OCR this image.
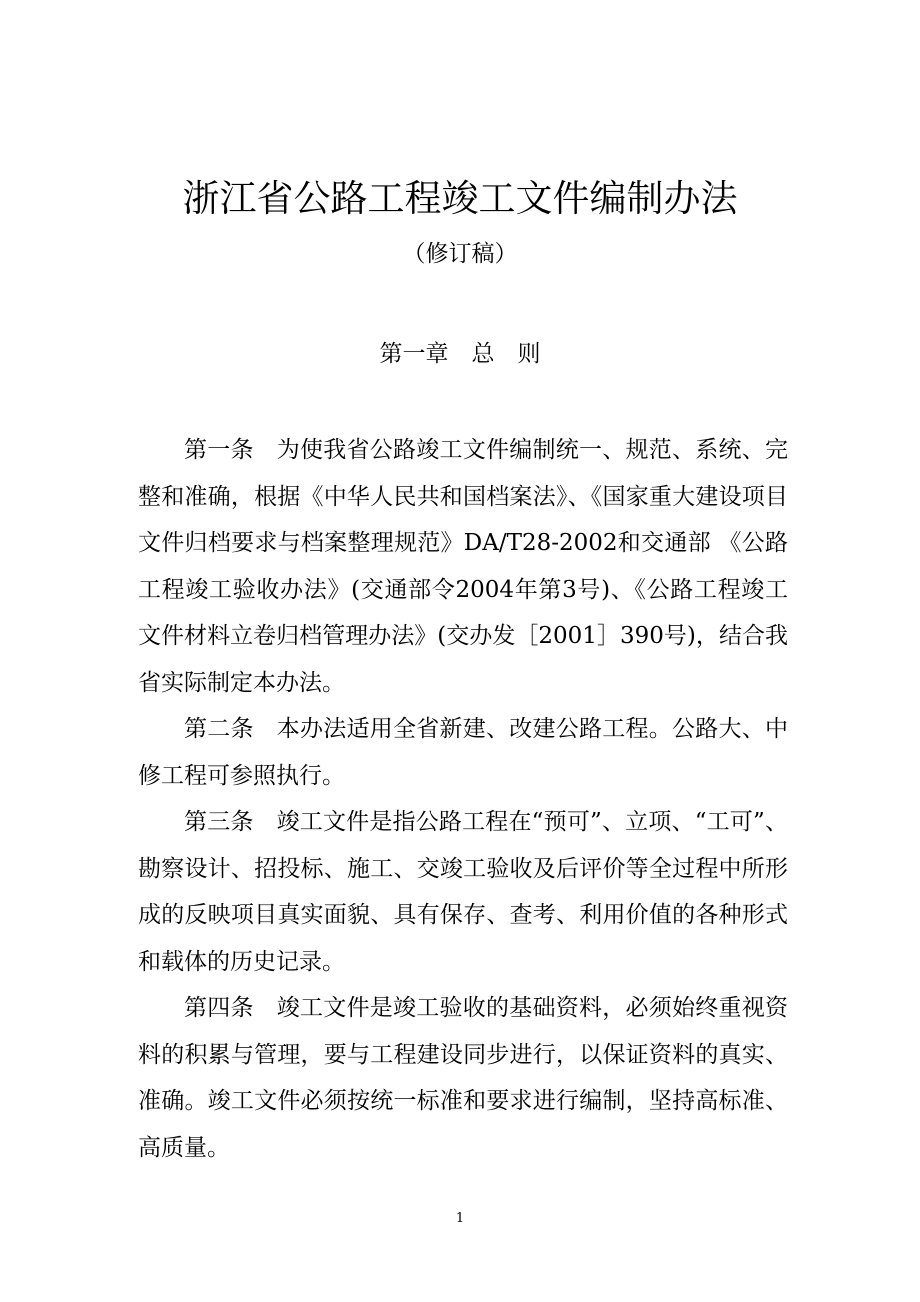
浙江省公路工程竣工文件编制办法
（修订稿）
第一章　总　则

第一条 为使我省公路竣工文件编制统一、规范、系统、完整和准确，根据《中华人民共和国档案法》、《国家重大建设项目文件归档要求与档案整理规范》DA/T28-2002和交通部 《公路工程竣工验收办法》(交通部令2004年第3号)、《公路工程竣工文件材料立卷归档管理办法》(交办发［2001］390号)，结合我省实际制定本办法。

第二条 本办法适用全省新建、改建公路工程。公路大、中修工程可参照执行。

第三条 竣工文件是指公路工程在“预可”、立项、“工可”、勘察设计、招投标、施工、交竣工验收及后评价等全过程中所形成的反映项目真实面貌、具有保存、查考、利用价值的各种形式和载体的历史记录。

第四条 竣工文件是竣工验收的基础资料，必须始终重视资料的积累与管理，要与工程建设同步进行，以保证资料的真实、准确。竣工文件必须按统一标准和要求进行编制，坚持高标准、高质量。

1
